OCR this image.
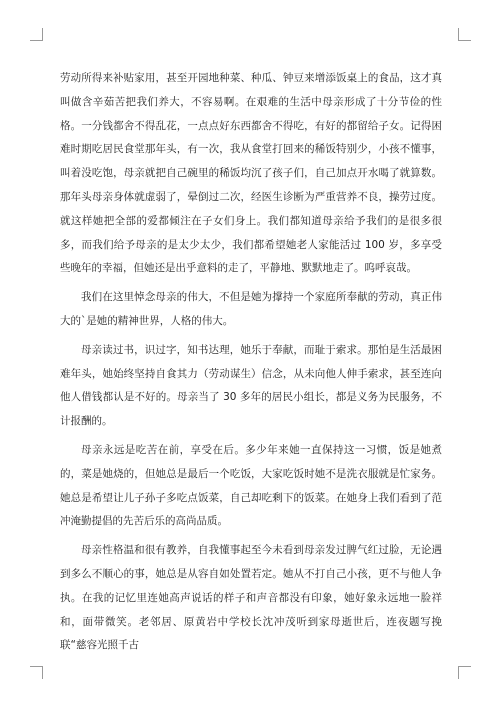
劳动所得来补贴家用，甚至开园地种菜、种瓜、钟豆来增添饭桌上的食品，这才真叫做含辛茹苦把我们养大，不容易啊。在艰难的生活中母亲形成了十分节俭的性格。一分钱都舍不得乱花，一点点好东西都舍不得吃，有好的都留给子女。记得困难时期吃居民食堂那年头，有一次，我从食堂打回来的稀饭特别少，小孩不懂事，叫着没吃饱，母亲就把自己碗里的稀饭均沉了孩子们，自己加点开水喝了就算数。那年头母亲身体就虚弱了，晕倒过二次，经医生诊断为严重营养不良，操劳过度。就这样她把全部的爱都倾注在子女们身上。我们都知道母亲给予我们的是很多很多，而我们给予母亲的是太少太少，我们都希望她老人家能活过 100 岁，多享受些晚年的幸福，但她还是出乎意料的走了，平静地、默默地走了。呜呼哀哉。

我们在这里悼念母亲的伟大，不但是她为撑持一个家庭所奉献的劳动，真正伟大的`是她的精神世界，人格的伟大。

母亲读过书，识过字，知书达理，她乐于奉献，而耻于索求。那怕是生活最困难年头，她始终坚持自食其力（劳动谋生）信念，从未向他人伸手索求，甚至连向他人借钱都认是不好的。母亲当了 30 多年的居民小组长，都是义务为民服务，不计报酬的。

母亲永远是吃苦在前，享受在后。多少年来她一直保持这一习惯，饭是她煮的，菜是她烧的，但她总是最后一个吃饭，大家吃饭时她不是洗衣服就是忙家务。她总是希望让儿子孙子多吃点饭菜，自己却吃剩下的饭菜。在她身上我们看到了范冲淹勤提倡的先苦后乐的高尚品质。

母亲性格温和很有教养，自我懂事起至今未看到母亲发过脾气红过脸，无论遇到多么不顺心的事，她总是从容自如处置若定。她从不打自己小孩，更不与他人争执。在我的记忆里连她高声说话的样子和声音都没有印象，她好象永远地一脸祥和，面带微笑。老邻居、原黄岩中学校长沈冲茂听到家母逝世后，连夜题写挽联“慈容光照千古
